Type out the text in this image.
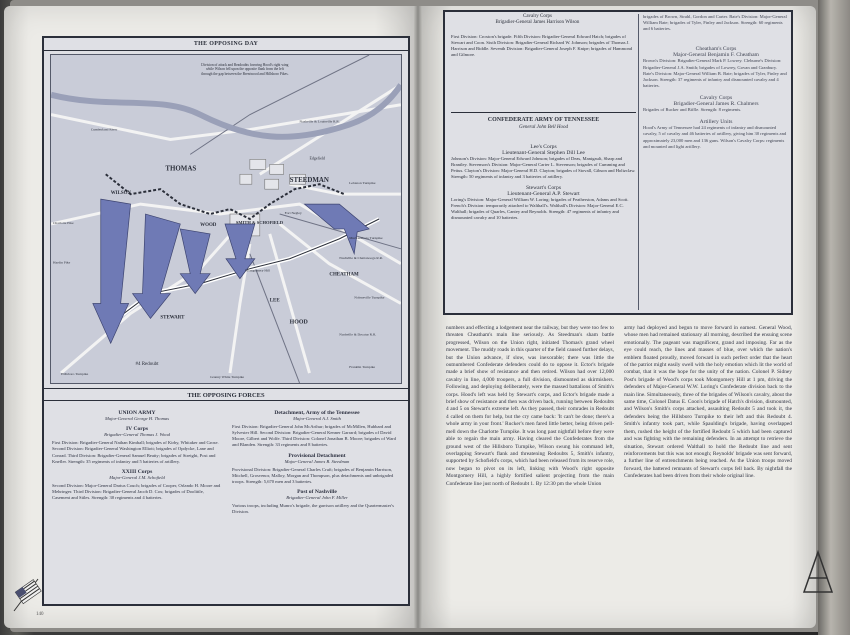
THE OPPOSING DAY
THOMAS
STEEDMAN
WOOD
SMITH & SCHOFIELD
WILSON
STEWART
LEE
HOOD
CHEATHAM
#4 Redoubt
Nashville & Chattanooga R.R.
Nashville & Decatur R.R.
Charlotte Pike
Hardin Pike
Hillsboro Turnpike
Granny White Turnpike
Franklin Turnpike
Murfreesboro Turnpike
Nolensville Turnpike
Montgomery Hill
Fort Negley
Edgefield
Lebanon Turnpike
Nashville & Louisville R.R.
Cumberland River
Division of attack and Readoubts favoring Hood's right wing while Wilson fell upon the opposite flank from the left through the gap between the Brentwood and Hillsboro Pikes.
THE OPPOSING FORCES
UNION ARMY
Major-General George H. Thomas
IV Corps
Brigadier-General Thomas J. Wood
First Division: Brigadier-General Nathan Kimball; brigades of Kirby, Whitaker and Grose. Second Division: Brigadier-General Washington Elliott; brigades of Opdycke, Lane and Conrad. Third Division: Brigadier-General Samuel Beatty; brigades of Streight, Post and Knefler. Strength: 35 regiments of infantry and 5 batteries of artillery.
XXIII Corps
Major-General J.M. Schofield
Second Division: Major-General Darius Couch; brigades of Cooper, Orlando H. Moore and Mehringer. Third Division: Brigadier-General Jacob D. Cox; brigades of Doolittle, Casement and Stiles. Strength: 30 regiments and 4 batteries.
Detachment, Army of the Tennessee
Major-General A.J. Smith
First Division: Brigadier-General John McArthur; brigades of McMillen, Hubbard and Sylvester Hill. Second Division: Brigadier-General Kenner Garrard; brigades of David Moore, Gilbert and Wolfe. Third Division: Colonel Jonathan B. Moore; brigades of Ward and Blanden. Strength: 33 regiments and 8 batteries.
Provisional Detachment
Major-General James B. Steedman
Provisional Division: Brigadier-General Charles Cruft; brigades of Benjamin Harrison, Mitchell, Grosvenor, Malloy, Morgan and Thompson, plus detachments and unbrigaded troops. Strength: 5,670 men and 3 batteries.
Post of Nashville
Brigadier-General John F. Miller
Various troops, including Munro's brigade, the garrison artillery and the Quartermaster's Division.
140
Cavalry Corps
Brigadier-General James Harrison Wilson
First Division: Croxton's brigade. Fifth Division: Brigadier-General Edward Hatch; brigades of Stewart and Coon. Sixth Division: Brigadier-General Richard W. Johnson; brigades of Thomas J. Harrison and Biddle. Seventh Division: Brigadier-General Joseph F. Knipe; brigades of Hammond and Gilmore.
CONFEDERATE ARMY OF TENNESSEE
General John Bell Hood
Lee's Corps
Lieutenant-General Stephen Dill Lee
Johnson's Division: Major-General Edward Johnson; brigades of Deas, Manigault, Sharp and Brantley. Stevenson's Division: Major-General Carter L. Stevenson; brigades of Cumming and Pettus. Clayton's Division: Major-General H.D. Clayton; brigades of Stovall, Gibson and Holtzclaw. Strength: 50 regiments of infantry and 3 batteries of artillery.
Stewart's Corps
Lieutenant-General A.P. Stewart
Loring's Division: Major-General William W. Loring; brigades of Featherston, Adams and Scott. French's Division: temporarily attached to Walthall's. Walthall's Division: Major-General E.C. Walthall; brigades of Quarles, Cantey and Reynolds. Strength: 47 regiments of infantry and dismounted cavalry and 10 batteries.
brigades of Brown, Strahl, Gordon and Carter. Bate's Division: Major-General William Bate; brigades of Tyler, Finley and Jackson. Strength: 60 regiments and 6 batteries.
Cheatham's Corps
Major-General Benjamin F. Cheatham
Brown's Division: Brigadier-General Mark P. Lowrey. Cleburne's Division: Brigadier-General J.A. Smith; brigades of Lowrey, Govan and Granbury. Bate's Division: Major-General William B. Bate; brigades of Tyler, Finley and Jackson. Strength: 37 regiments of infantry and dismounted cavalry and 4 batteries.
Cavalry Corps
Brigadier-General James R. Chalmers
Brigades of Rucker and Biffle. Strength: 8 regiments.
Artillery Units
Hood's Army of Tennessee had 24 regiments of infantry and dismounted cavalry, 5 of cavalry and 46 batteries of artillery, giving him 30 regiments and approximately 23,000 men and 136 guns. Wilson's Cavalry Corps: regiments and mounted and light artillery.
numbers and effecting a lodgement near the railway, but they were too few to threaten Cheatham's main line seriously. As Steedman's sham battle progressed, Wilson on the Union right, initiated Thomas's grand wheel movement. The muddy roads in this quarter of the field caused further delays, but the Union advance, if slow, was inexorable; there was little the outnumbered Confederate defenders could do to oppose it. Ector's brigade made a brief show of resistance and then retired. Wilson had over 12,000 cavalry in line, 4,000 troopers, a full division, dismounted as skirmishers. Following, and deploying deliberately, were the massed battalions of Smith's corps. Hood's left was held by Stewart's corps, and Ector's brigade made a brief show of resistance and then was driven back, running between Redoubts 4 and 5 on Stewart's extreme left. As they passed, their comrades in Redoubt 4 called on them for help, but the cry came back: 'It can't be done; there's a whole army in your front.' Rucker's men fared little better, being driven pell-mell down the Charlotte Turnpike. It was long past nightfall before they were able to regain the main army. Having cleared the Confederates from the ground west of the Hillsboro Turnpike, Wilson swung his command left, overlapping Stewart's flank and threatening Redoubts 5, Smith's infantry, supported by Schofield's corps, which had been released from its reserve role, now began to pivot on its left, linking with Wood's right opposite Montgomery Hill, a highly fortified salient projecting from the main Confederate line just north of Redoubt 1. By 12:30 pm the whole Union
army had deployed and begun to move forward in earnest. General Wood, whose men had remained stationary all morning, described the ensuing scene emotionally. The pageant was magnificent, grand and imposing. Far as the eye could reach, the lines and masses of blue, over which the nation's emblem floated proudly, moved forward in such perfect order that the heart of the patriot might easily swell with the holy emotion which lit the world of combat, that it was the hope for the unity of the nation. Colonel P. Sidney Post's brigade of Wood's corps took Montgomery Hill at 1 pm, driving the defenders of Major-General W.W. Loring's Confederate division back to the main line. Simultaneously, three of the brigades of Wilson's cavalry, about the same time, Colonel Datus E. Coon's brigade of Hatch's division, dismounted, and Wilson's Smith's corps attacked, assaulting Redoubt 5 and took it, the defenders being the Hillsboro Turnpike to their left and this Redoubt 4. Smith's infantry took part, while Spaulding's brigade, having overlapped them, rushed the height of the fortified Redoubt 5 which had been captured and was fighting with the remaining defenders. In an attempt to retrieve the situation, Stewart ordered Walthall to hold the Redoubt line and sent reinforcements but this was not enough; Reynolds' brigade was sent forward, a further line of entrenchments being reached. As the Union troops moved forward, the battered remnants of Stewart's corps fell back. By nightfall the Confederates had been driven from their whole original line.
